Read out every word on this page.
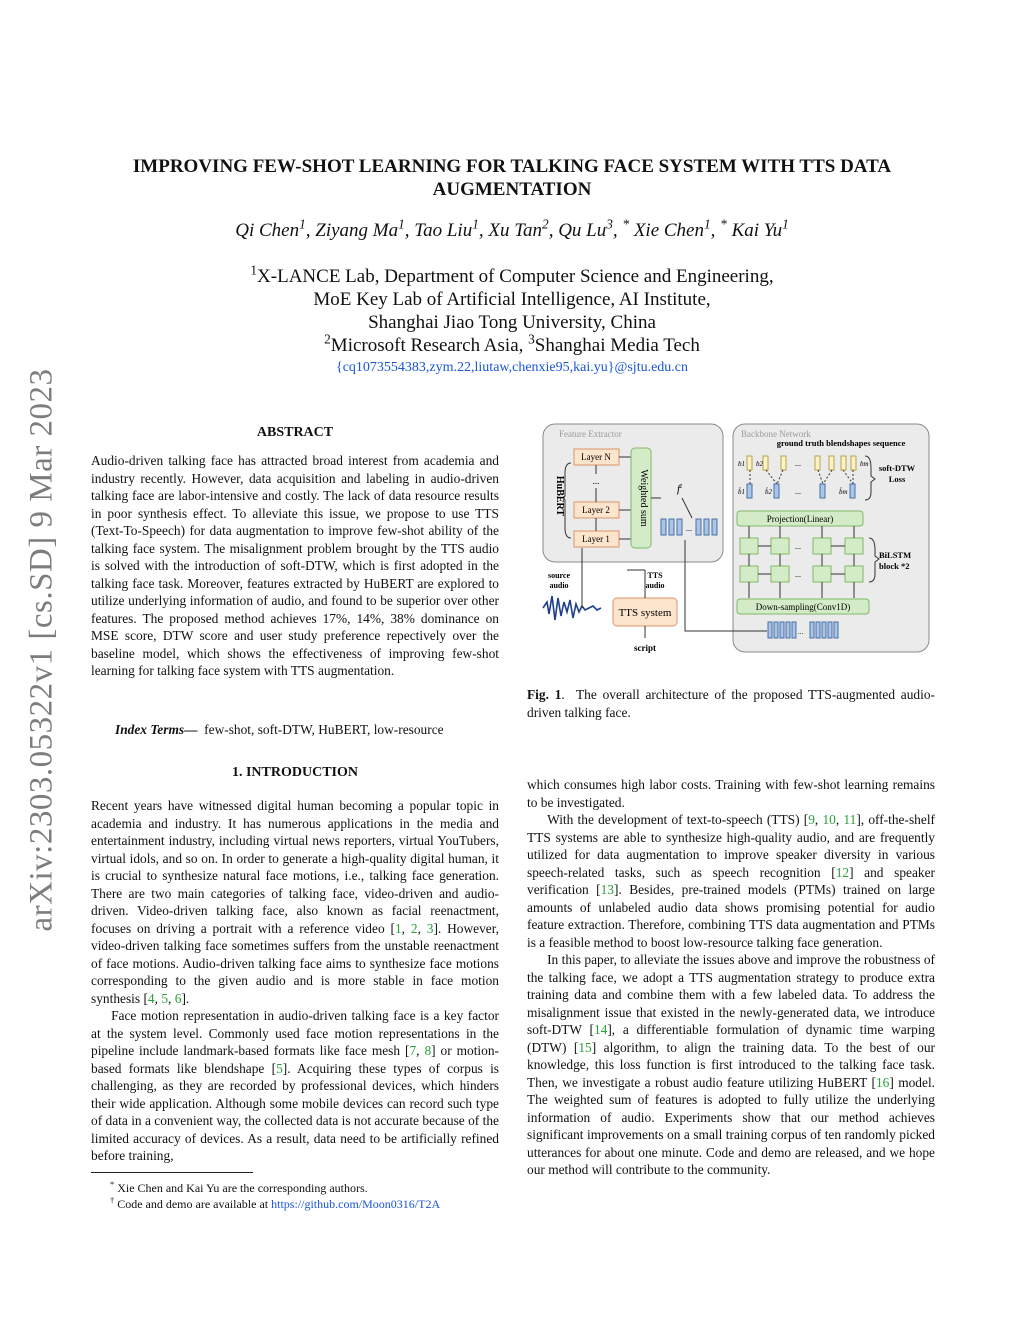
arXiv:2303.05322v1 [cs.SD] 9 Mar 2023
IMPROVING FEW-SHOT LEARNING FOR TALKING FACE SYSTEM WITH TTS DATA
AUGMENTATION
Qi Chen$^1$, Ziyang Ma$^1$, Tao Liu$^1$, Xu Tan$^2$, Qu Lu$^3$, * Xie Chen$^1$, * Kai Yu$^1$
$^1$X-LANCE Lab, Department of Computer Science and Engineering,
MoE Key Lab of Artificial Intelligence, AI Institute,
Shanghai Jiao Tong University, China
$^2$Microsoft Research Asia, $^3$Shanghai Media Tech
{cq1073554383,zym.22,liutaw,chenxie95,kai.yu}@sjtu.edu.cn
ABSTRACT

Audio-driven talking face has attracted broad interest from academia and industry recently. However, data acquisition and labeling in audio-driven talking face are labor-intensive and costly. The lack of data resource results in poor synthesis effect. To alleviate this issue, we propose to use TTS (Text-To-Speech) for data augmentation to improve few-shot ability of the talking face system. The misalignment problem brought by the TTS audio is solved with the introduction of soft-DTW, which is first adopted in the talking face task. Moreover, features extracted by HuBERT are explored to utilize underlying information of audio, and found to be superior over other features. The proposed method achieves 17%, 14%, 38% dominance on MSE score, DTW score and user study preference repectively over the baseline model, which shows the effectiveness of improving few-shot learning for talking face system with TTS augmentation.

Index Terms— few-shot, soft-DTW, HuBERT, low-resource

1. INTRODUCTION

Recent years have witnessed digital human becoming a popular topic in academia and industry. It has numerous applications in the media and entertainment industry, including virtual news reporters, virtual YouTubers, virtual idols, and so on. In order to generate a high-quality digital human, it is crucial to synthesize natural face motions, i.e., talking face generation. There are two main categories of talking face, video-driven and audio-driven. Video-driven talking face, also known as facial reenactment, focuses on driving a portrait with a reference video [1, 2, 3]. However, video-driven talking face sometimes suffers from the unstable reenactment of face motions. Audio-driven talking face aims to synthesize face motions corresponding to the given audio and is more stable in face motion synthesis [4, 5, 6].

Face motion representation in audio-driven talking face is a key factor at the system level. Commonly used face motion representations in the pipeline include landmark-based formats like face mesh [7, 8] or motion-based formats like blendshape [5]. Acquiring these types of corpus is challenging, as they are recorded by professional devices, which hinders their wide application. Although some mobile devices can record such type of data in a convenient way, the collected data is not accurate because of the limited accuracy of devices. As a result, data need to be artificially refined before training,

* Xie Chen and Kai Yu are the corresponding authors.
† Code and demo are available at https://github.com/Moon0316/T2A
Feature Extractor
HuBERT
Layer N
...
Layer 2
Layer 1
Weighted sum	$f^t$
...
Backbone Network
ground truth blendshapes sequence
b1 b2	bm
...
b̂1	b̂2	b̂m
...
soft-DTW
Loss
Projection(Linear)
...
...
BiLSTM
block *2
Down-sampling(Conv1D)
...
source
audio
TTS
audio
TTS system
script
Fig. 1.  The overall architecture of the proposed TTS-augmented audio-driven talking face.

which consumes high labor costs. Training with few-shot learning remains to be investigated.

With the development of text-to-speech (TTS) [9, 10, 11], off-the-shelf TTS systems are able to synthesize high-quality audio, and are frequently utilized for data augmentation to improve speaker diversity in various speech-related tasks, such as speech recognition [12] and speaker verification [13]. Besides, pre-trained models (PTMs) trained on large amounts of unlabeled audio data shows promising potential for audio feature extraction. Therefore, combining TTS data augmentation and PTMs is a feasible method to boost low-resource talking face generation.

In this paper, to alleviate the issues above and improve the robustness of the talking face, we adopt a TTS augmentation strategy to produce extra training data and combine them with a few labeled data. To address the misalignment issue that existed in the newly-generated data, we introduce soft-DTW [14], a differentiable formulation of dynamic time warping (DTW) [15] algorithm, to align the training data. To the best of our knowledge, this loss function is first introduced to the talking face task. Then, we investigate a robust audio feature utilizing HuBERT [16] model. The weighted sum of features is adopted to fully utilize the underlying information of audio. Experiments show that our method achieves significant improvements on a small training corpus of ten randomly picked utterances for about one minute. Code and demo are released, and we hope our method will contribute to the community.
